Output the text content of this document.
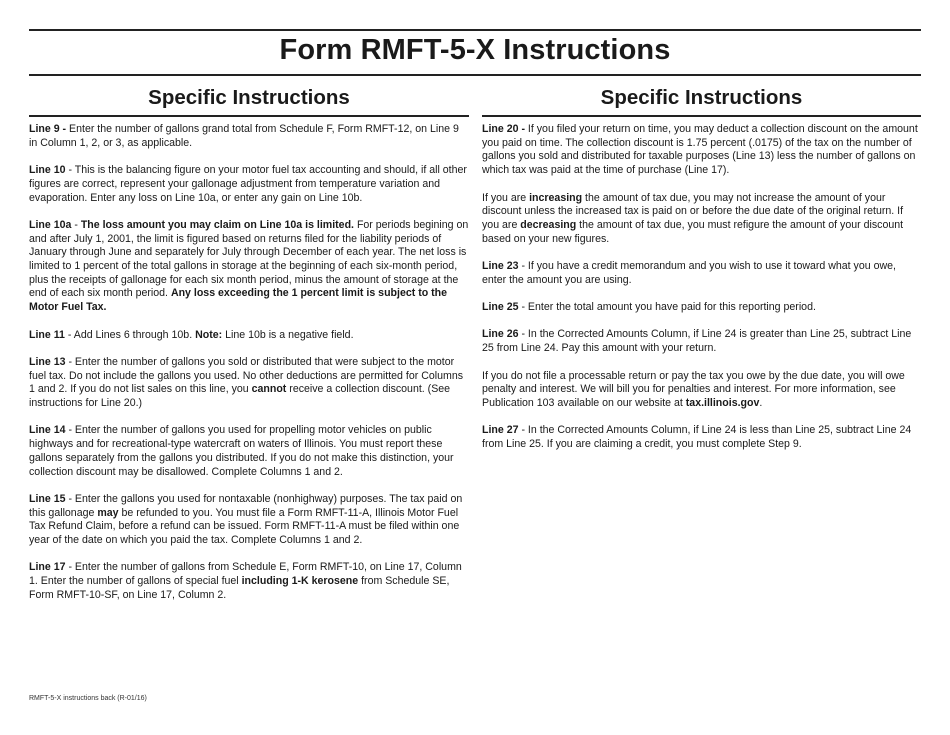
Form RMFT-5-X Instructions
Specific Instructions

Line 9 - Enter the number of gallons grand total from Schedule F, Form RMFT-12, on Line 9 in Column 1, 2, or 3, as applicable.

Line 10 - This is the balancing figure on your motor fuel tax accounting and should, if all other figures are correct, represent your gallonage adjustment from temperature variation and evaporation. Enter any loss on Line 10a, or enter any gain on Line 10b.

Line 10a - The loss amount you may claim on Line 10a is limited. For periods begining on and after July 1, 2001, the limit is figured based on returns filed for the liability periods of January through June and separately for July through December of each year. The net loss is limited to 1 percent of the total gallons in storage at the beginning of each six-month period, plus the receipts of gallonage for each six month period, minus the amount of storage at the end of each six month period. Any loss exceeding the 1 percent limit is subject to the Motor Fuel Tax.

Line 11 - Add Lines 6 through 10b. Note: Line 10b is a negative field.

Line 13 - Enter the number of gallons you sold or distributed that were subject to the motor fuel tax. Do not include the gallons you used. No other deductions are permitted for Columns 1 and 2. If you do not list sales on this line, you cannot receive a collection discount. (See instructions for Line 20.)

Line 14 - Enter the number of gallons you used for propelling motor vehicles on public highways and for recreational-type watercraft on waters of Illinois. You must report these gallons separately from the gallons you distributed. If you do not make this distinction, your collection discount may be disallowed. Complete Columns 1 and 2.

Line 15 - Enter the gallons you used for nontaxable (nonhighway) purposes. The tax paid on this gallonage may be refunded to you. You must file a Form RMFT-11-A, Illinois Motor Fuel Tax Refund Claim, before a refund can be issued. Form RMFT-11-A must be filed within one year of the date on which you paid the tax. Complete Columns 1 and 2.

Line 17 - Enter the number of gallons from Schedule E, Form RMFT-10, on Line 17, Column 1. Enter the number of gallons of special fuel including 1-K kerosene from Schedule SE, Form RMFT-10-SF, on Line 17, Column 2.

Specific Instructions

Line 20 - If you filed your return on time, you may deduct a collection discount on the amount you paid on time. The collection discount is 1.75 percent (.0175) of the tax on the number of gallons you sold and distributed for taxable purposes (Line 13) less the number of gallons on which tax was paid at the time of purchase (Line 17).

If you are increasing the amount of tax due, you may not increase the amount of your discount unless the increased tax is paid on or before the due date of the original return. If you are decreasing the amount of tax due, you must refigure the amount of your discount based on your new figures.

Line 23 - If you have a credit memorandum and you wish to use it toward what you owe, enter the amount you are using.

Line 25 - Enter the total amount you have paid for this reporting period.

Line 26 - In the Corrected Amounts Column, if Line 24 is greater than Line 25, subtract Line 25 from Line 24. Pay this amount with your return.

If you do not file a processable return or pay the tax you owe by the due date, you will owe penalty and interest. We will bill you for penalties and interest. For more information, see Publication 103 available on our website at tax.illinois.gov.

Line 27 - In the Corrected Amounts Column, if Line 24 is less than Line 25, subtract Line 24 from Line 25. If you are claiming a credit, you must complete Step 9.

RMFT-5-X instructions back (R-01/16)
